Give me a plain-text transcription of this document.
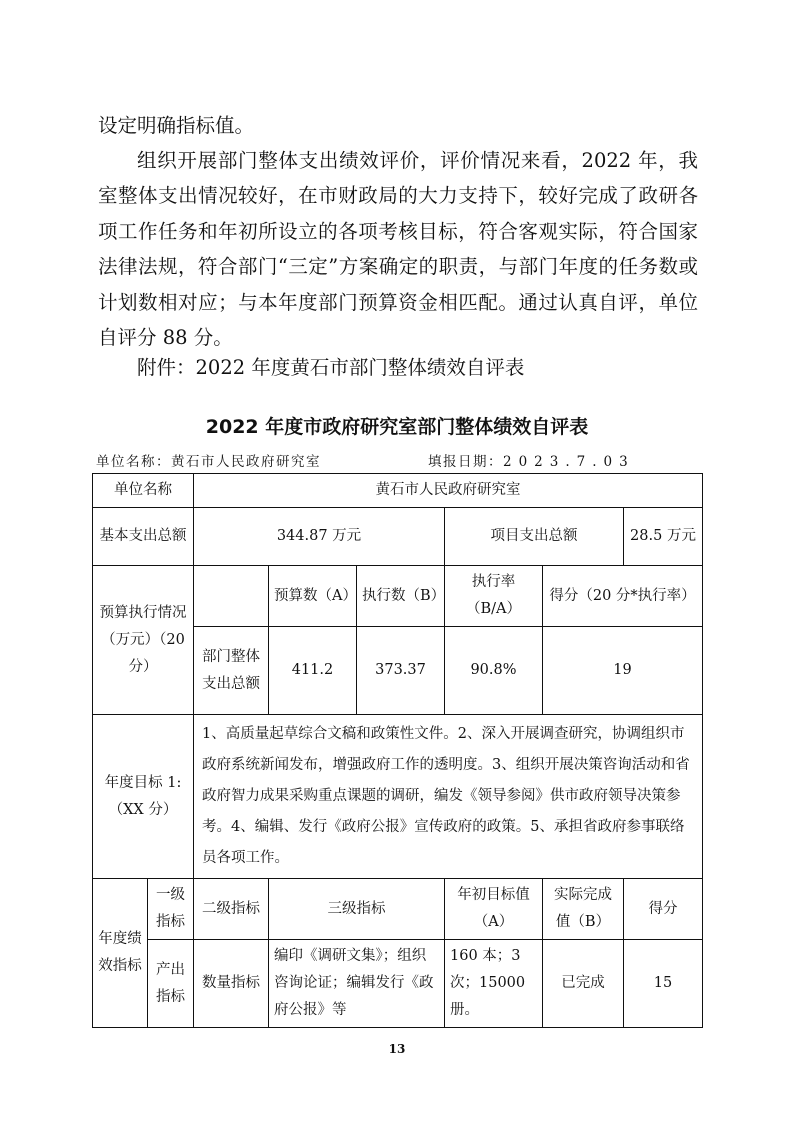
设定明确指标值。

组织开展部门整体支出绩效评价，评价情况来看，2022 年，我室整体支出情况较好，在市财政局的大力支持下，较好完成了政研各项工作任务和年初所设立的各项考核目标，符合客观实际，符合国家法律法规，符合部门“三定”方案确定的职责，与部门年度的任务数或计划数相对应；与本年度部门预算资金相匹配。通过认真自评，单位自评分 88 分。

附件：2022 年度黄石市部门整体绩效自评表

2022 年度市政府研究室部门整体绩效自评表
单位名称：黄石市人民政府研究室	填报日期：2023.7.03
单位名称		黄石市人民政府研究室					
基本支出总额		344.87 万元			项目支出总额		28.5 万元
预算执行情况（万元）（20 分）			预算数（A）	执行数（B）	执行率（B/A）	得分（20 分*执行率）	
		部门整体支出总额	411.2	373.37	90.8%	19	
年度目标 1:（XX 分）		1、高质量起草综合文稿和政策性文件。2、深入开展调查研究，协调组织市政府系统新闻发布，增强政府工作的透明度。3、组织开展决策咨询活动和省政府智力成果采购重点课题的调研，编发《领导参阅》供市政府领导决策参考。4、编辑、发行《政府公报》宣传政府的政策。5、承担省政府参事联络员各项工作。					
年度绩效指标	一级指标	二级指标	三级指标		年初目标值（A）	实际完成值（B）	得分
	产出指标	数量指标	编印《调研文集》；组织咨询论证；编辑发行《政府公报》等		160 本；3 次；15000 册。	已完成	15
13
